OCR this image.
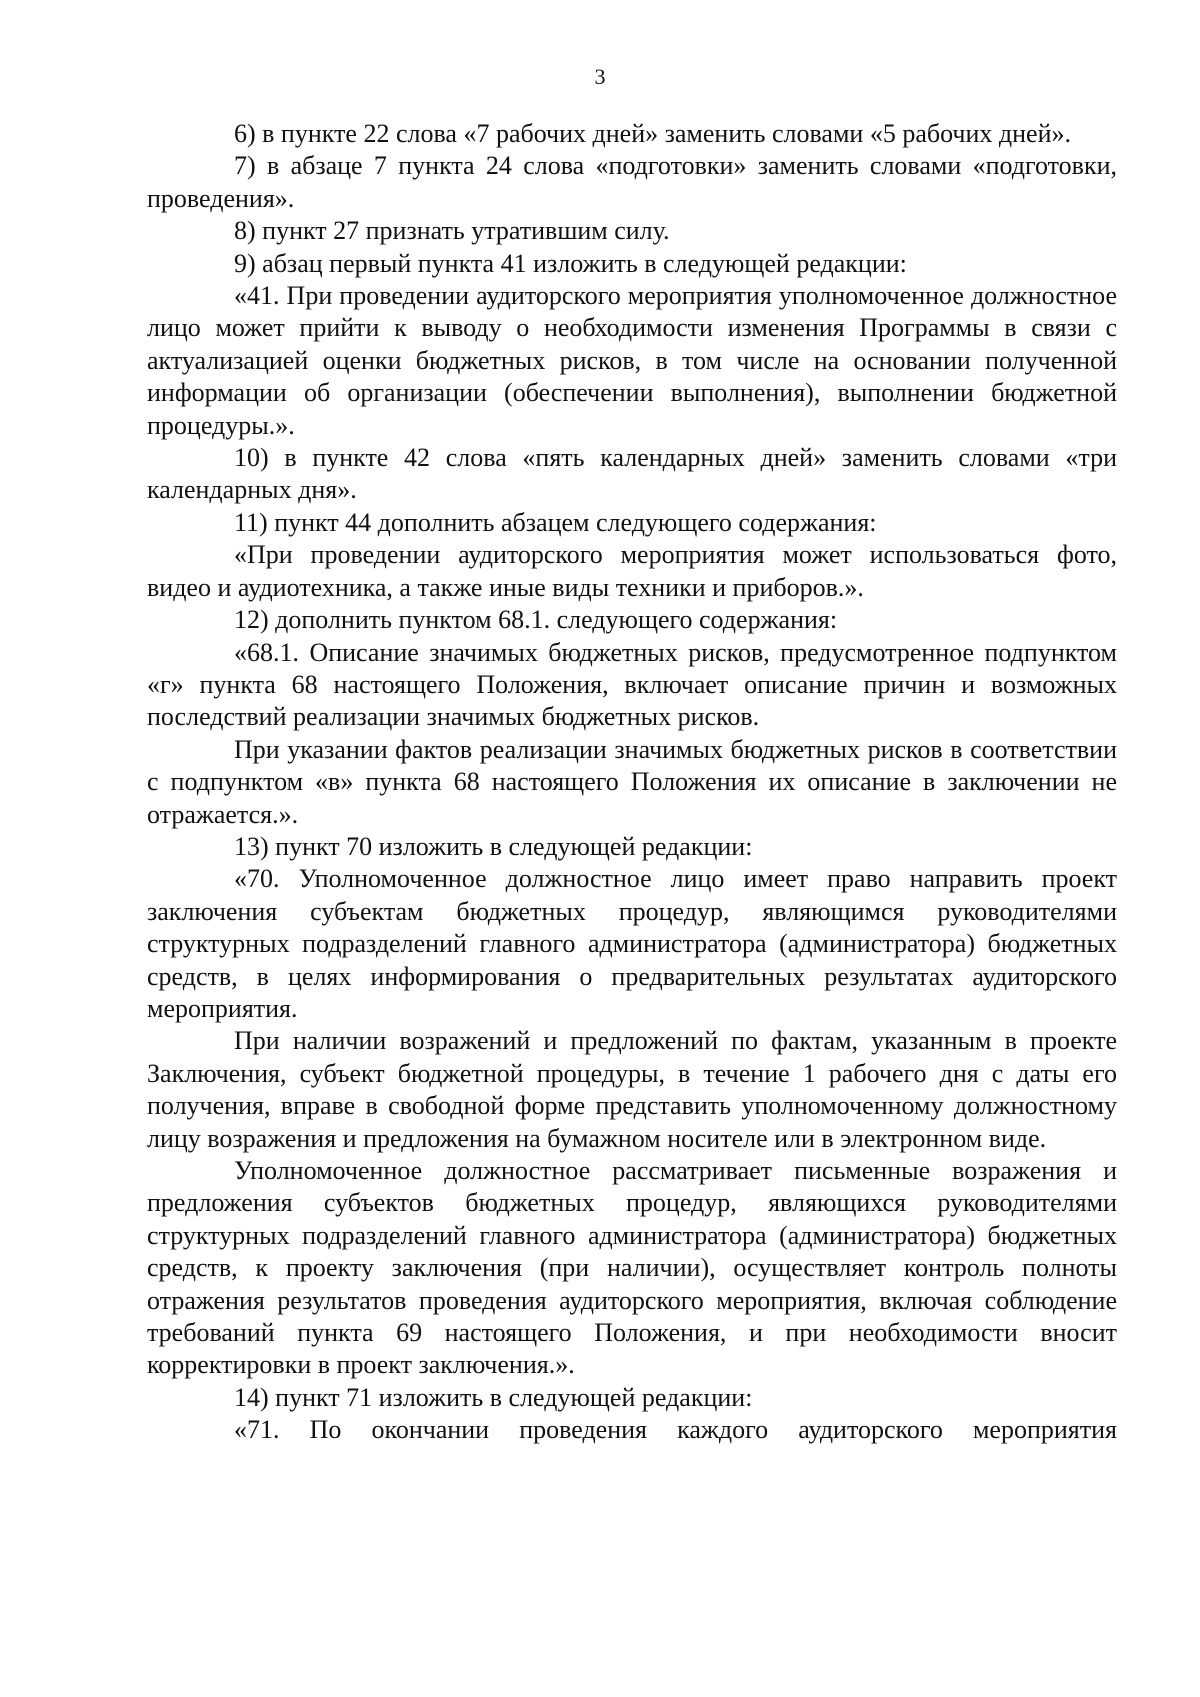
3

6) в пункте 22 слова «7 рабочих дней» заменить словами «5 рабочих дней».

7) в абзаце 7 пункта 24 слова «подготовки» заменить словами «подготовки, проведения».

8) пункт 27 признать утратившим силу.

9) абзац первый пункта 41 изложить в следующей редакции:

«41. При проведении аудиторского мероприятия уполномоченное должностное лицо может прийти к выводу о необходимости изменения Программы в связи с актуализацией оценки бюджетных рисков, в том числе на основании полученной информации об организации (обеспечении выполнения), выполнении бюджетной процедуры.».

10) в пункте 42 слова «пять календарных дней» заменить словами «три календарных дня».

11) пункт 44 дополнить абзацем следующего содержания:

«При проведении аудиторского мероприятия может использоваться фото, видео и аудиотехника, а также иные виды техники и приборов.».

12) дополнить пунктом 68.1. следующего содержания:

«68.1. Описание значимых бюджетных рисков, предусмотренное подпунктом «г» пункта 68 настоящего Положения, включает описание причин и возможных последствий реализации значимых бюджетных рисков.

При указании фактов реализации значимых бюджетных рисков в соответствии с подпунктом «в» пункта 68 настоящего Положения их описание в заключении не отражается.».

13) пункт 70 изложить в следующей редакции:

«70. Уполномоченное должностное лицо имеет право направить проект заключения субъектам бюджетных процедур, являющимся руководителями структурных подразделений главного администратора (администратора) бюджетных средств, в целях информирования о предварительных результатах аудиторского мероприятия.

При наличии возражений и предложений по фактам, указанным в проекте Заключения, субъект бюджетной процедуры, в течение 1 рабочего дня с даты его получения, вправе в свободной форме представить уполномоченному должностному лицу возражения и предложения на бумажном носителе или в электронном виде.

Уполномоченное должностное рассматривает письменные возражения и предложения субъектов бюджетных процедур, являющихся руководителями структурных подразделений главного администратора (администратора) бюджетных средств, к проекту заключения (при наличии), осуществляет контроль полноты отражения результатов проведения аудиторского мероприятия, включая соблюдение требований пункта 69 настоящего Положения, и при необходимости вносит корректировки в проект заключения.».

14) пункт 71 изложить в следующей редакции:

«71. По окончании проведения каждого аудиторского мероприятия
